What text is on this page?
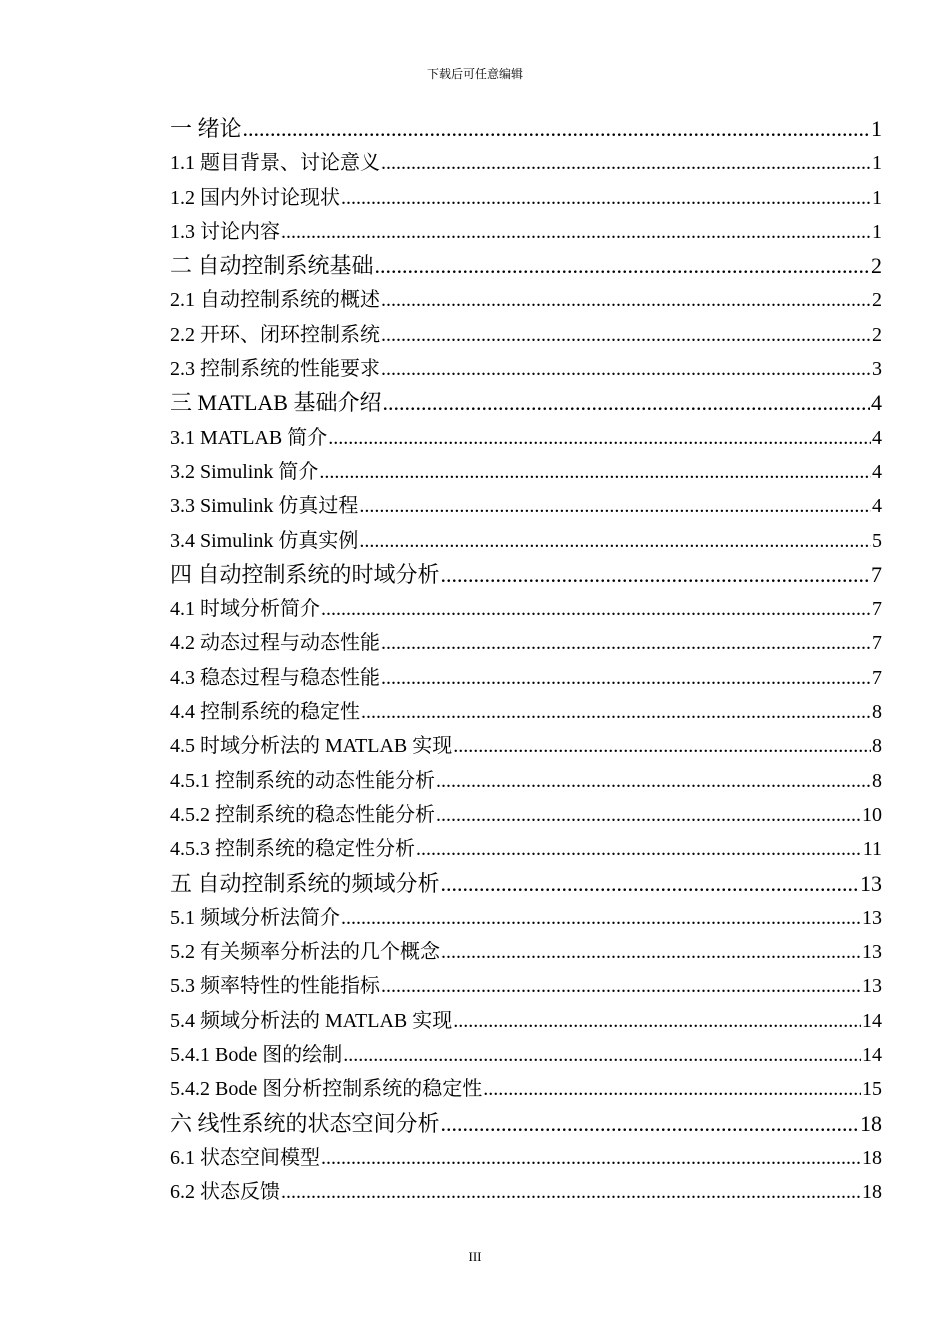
下载后可任意编辑
一 绪论 .....	1
1.1 题目背景、讨论意义 .....	1
1.2 国内外讨论现状 .....	1
1.3 讨论内容 .....	1
二 自动控制系统基础 .....	2
2.1 自动控制系统的概述 .....	2
2.2 开环、闭环控制系统 .....	2
2.3 控制系统的性能要求 .....	3
三 MATLAB 基础介绍 .....	4
3.1 MATLAB 简介 .....	4
3.2 Simulink 简介 .....	4
3.3 Simulink 仿真过程 .....	4
3.4 Simulink 仿真实例 .....	5
四 自动控制系统的时域分析 .....	7
4.1 时域分析简介 .....	7
4.2 动态过程与动态性能 .....	7
4.3 稳态过程与稳态性能 .....	7
4.4 控制系统的稳定性 .....	8
4.5 时域分析法的 MATLAB 实现 .....	8
4.5.1 控制系统的动态性能分析 .....	8
4.5.2 控制系统的稳态性能分析 .....	10
4.5.3 控制系统的稳定性分析 .....	11
五 自动控制系统的频域分析 .....	13
5.1 频域分析法简介 .....	13
5.2 有关频率分析法的几个概念 .....	13
5.3 频率特性的性能指标 .....	13
5.4 频域分析法的 MATLAB 实现 .....	14
5.4.1 Bode 图的绘制 .....	14
5.4.2 Bode 图分析控制系统的稳定性 .....	15
六 线性系统的状态空间分析 .....	18
6.1 状态空间模型 .....	18
6.2 状态反馈 .....	18
III
